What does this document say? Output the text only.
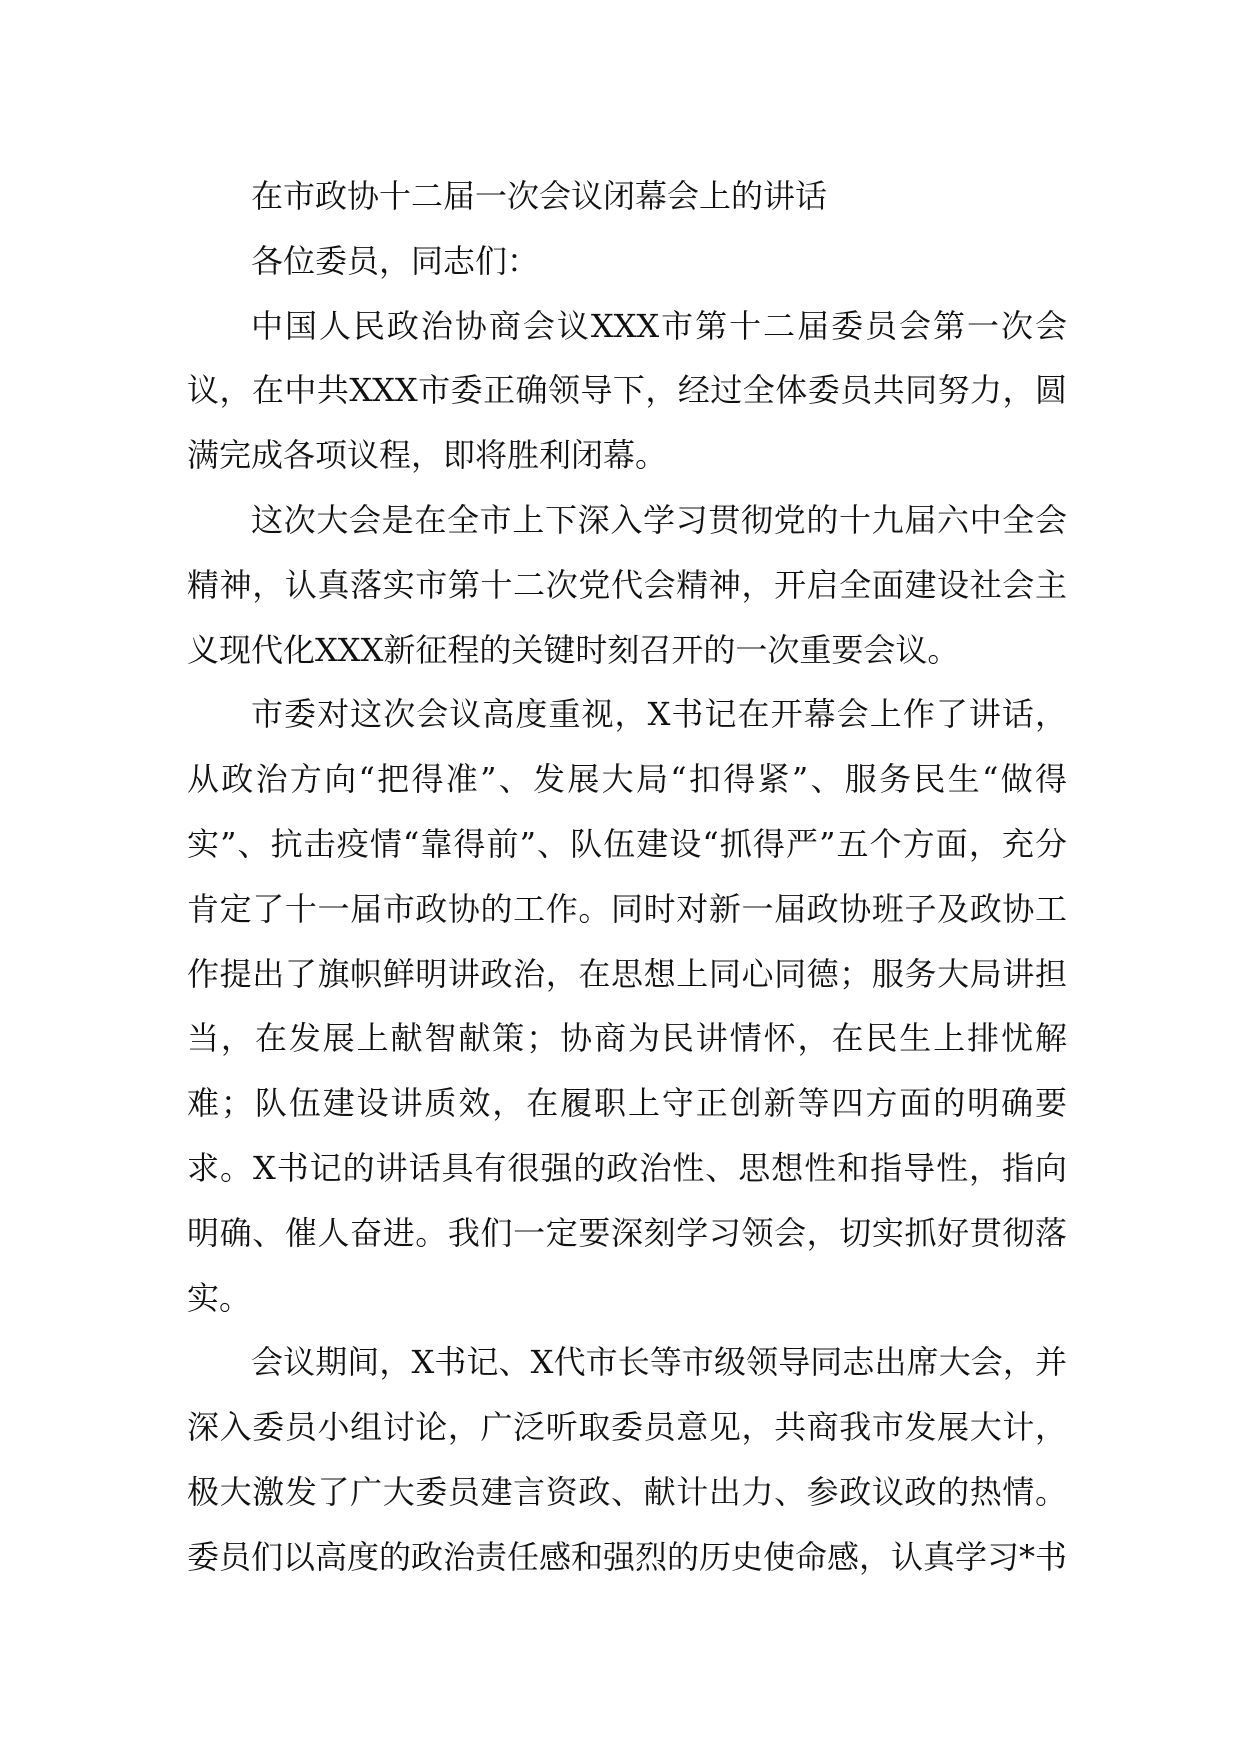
在市政协十二届一次会议闭幕会上的讲话

各位委员，同志们：

中国人民政治协商会议XXX市第十二届委员会第一次会议，在中共XXX市委正确领导下，经过全体委员共同努力，圆满完成各项议程，即将胜利闭幕。

这次大会是在全市上下深入学习贯彻党的十九届六中全会精神，认真落实市第十二次党代会精神，开启全面建设社会主义现代化XXX新征程的关键时刻召开的一次重要会议。

市委对这次会议高度重视，X书记在开幕会上作了讲话，从政治方向“把得准”、发展大局“扣得紧”、服务民生“做得实”、抗击疫情“靠得前”、队伍建设“抓得严”五个方面，充分肯定了十一届市政协的工作。同时对新一届政协班子及政协工作提出了旗帜鲜明讲政治，在思想上同心同德；服务大局讲担当，在发展上献智献策；协商为民讲情怀，在民生上排忧解难；队伍建设讲质效，在履职上守正创新等四方面的明确要求。X书记的讲话具有很强的政治性、思想性和指导性，指向明确、催人奋进。我们一定要深刻学习领会，切实抓好贯彻落实。

会议期间，X书记、X代市长等市级领导同志出席大会，并深入委员小组讨论，广泛听取委员意见，共商我市发展大计，极大激发了广大委员建言资政、献计出力、参政议政的热情。委员们以高度的政治责任感和强烈的历史使命感，认真学习*书
